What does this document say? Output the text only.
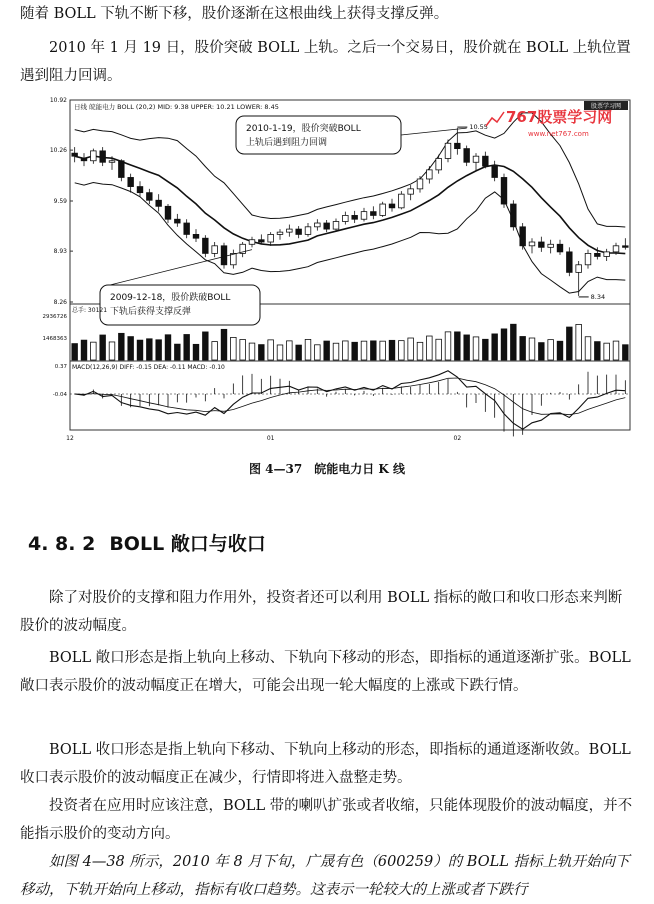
随着 BOLL 下轨不断下移，股价逐渐在这根曲线上获得支撑反弹。

2010 年 1 月 19 日，股价突破 BOLL 上轨。之后一个交易日，股价就在 BOLL 上轨位置遇到阻力回调。

日线 皖能电力 BOLL (20,2) MID: 9.38 UPPER: 10.21 LOWER: 8.45	股票学习网
10.92
10.26
9.59
8.93
8.26
10.55
8.34
2010-1-19，股价突破BOLL
上轨后遇到阻力回调
2009-12-18，股价跌破BOLL
下轨后获得支撑反弹
767股票学习网
www.net767.com
总手: 30121
2936726
1468363
MACD(12,26,9) DIFF: -0.15 DEA: -0.11 MACD: -0.10
0.37
-0.04
12	01	02
图 4—37　皖能电力日 K 线
4. 8. 2 BOLL 敞口与收口

除了对股价的支撑和阻力作用外，投资者还可以利用 BOLL 指标的敞口和收口形态来判断股价的波动幅度。

BOLL 敞口形态是指上轨向上移动、下轨向下移动的形态，即指标的通道逐渐扩张。BOLL 敞口表示股价的波动幅度正在增大，可能会出现一轮大幅度的上涨或下跌行情。

BOLL 收口形态是指上轨向下移动、下轨向上移动的形态，即指标的通道逐渐收敛。BOLL 收口表示股价的波动幅度正在减少，行情即将进入盘整走势。

投资者在应用时应该注意，BOLL 带的喇叭扩张或者收缩，只能体现股价的波动幅度，并不能指示股价的变动方向。

如图 4—38 所示，2010 年 8 月下旬，广晟有色（600259）的 BOLL 指标上轨开始向下移动，下轨开始向上移动，指标有收口趋势。这表示一轮较大的上涨或者下跌行
